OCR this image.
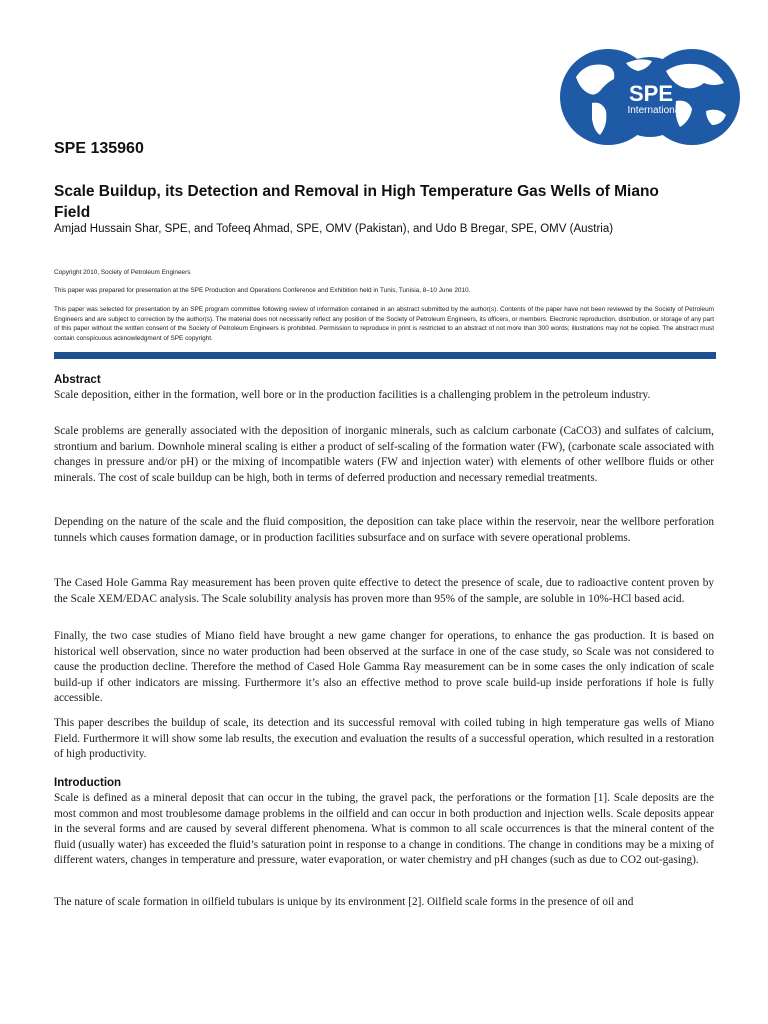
SPE
International
SPE 135960
Scale Buildup, its Detection and Removal in High Temperature Gas Wells of Miano Field
Amjad Hussain Shar, SPE, and Tofeeq Ahmad, SPE, OMV (Pakistan), and Udo B Bregar, SPE, OMV (Austria)

Copyright 2010, Society of Petroleum Engineers

This paper was prepared for presentation at the SPE Production and Operations Conference and Exhibition held in Tunis, Tunisia, 8–10 June 2010.

This paper was selected for presentation by an SPE program committee following review of information contained in an abstract submitted by the author(s). Contents of the paper have not been reviewed by the Society of Petroleum Engineers and are subject to correction by the author(s). The material does not necessarily reflect any position of the Society of Petroleum Engineers, its officers, or members. Electronic reproduction, distribution, or storage of any part of this paper without the written consent of the Society of Petroleum Engineers is prohibited. Permission to reproduce in print is restricted to an abstract of not more than 300 words; illustrations may not be copied. The abstract must contain conspicuous acknowledgment of SPE copyright.

Abstract

Scale deposition, either in the formation, well bore or in the production facilities is a challenging problem in the petroleum industry.

Scale problems are generally associated with the deposition of inorganic minerals, such as calcium carbonate (CaCO3) and sulfates of calcium, strontium and barium. Downhole mineral scaling is either a product of self-scaling of the formation water (FW), (carbonate scale associated with changes in pressure and/or pH) or the mixing of incompatible waters (FW and injection water) with elements of other wellbore fluids or other minerals. The cost of scale buildup can be high, both in terms of deferred production and necessary remedial treatments.

Depending on the nature of the scale and the fluid composition, the deposition can take place within the reservoir, near the wellbore perforation tunnels which causes formation damage, or in production facilities subsurface and on surface with severe operational problems.

The Cased Hole Gamma Ray measurement has been proven quite effective to detect the presence of scale, due to radioactive content proven by the Scale XEM/EDAC analysis. The Scale solubility analysis has proven more than 95% of the sample, are soluble in 10%-HCl based acid.

Finally, the two case studies of Miano field have brought a new game changer for operations, to enhance the gas production. It is based on historical well observation, since no water production had been observed at the surface in one of the case study, so Scale was not considered to cause the production decline. Therefore the method of Cased Hole Gamma Ray measurement can be in some cases the only indication of scale build-up if other indicators are missing. Furthermore it’s also an effective method to prove scale build-up inside perforations if hole is fully accessible.

This paper describes the buildup of scale, its detection and its successful removal with coiled tubing in high temperature gas wells of Miano Field. Furthermore it will show some lab results, the execution and evaluation the results of a successful operation, which resulted in a restoration of high productivity.

Introduction

Scale is defined as a mineral deposit that can occur in the tubing, the gravel pack, the perforations or the formation [1]. Scale deposits are the most common and most troublesome damage problems in the oilfield and can occur in both production and injection wells. Scale deposits appear in the several forms and are caused by several different phenomena. What is common to all scale occurrences is that the mineral content of the fluid (usually water) has exceeded the fluid’s saturation point in response to a change in conditions. The change in conditions may be a mixing of different waters, changes in temperature and pressure, water evaporation, or water chemistry and pH changes (such as due to CO2 out-gasing).

The nature of scale formation in oilfield tubulars is unique by its environment [2]. Oilfield scale forms in the presence of oil and
